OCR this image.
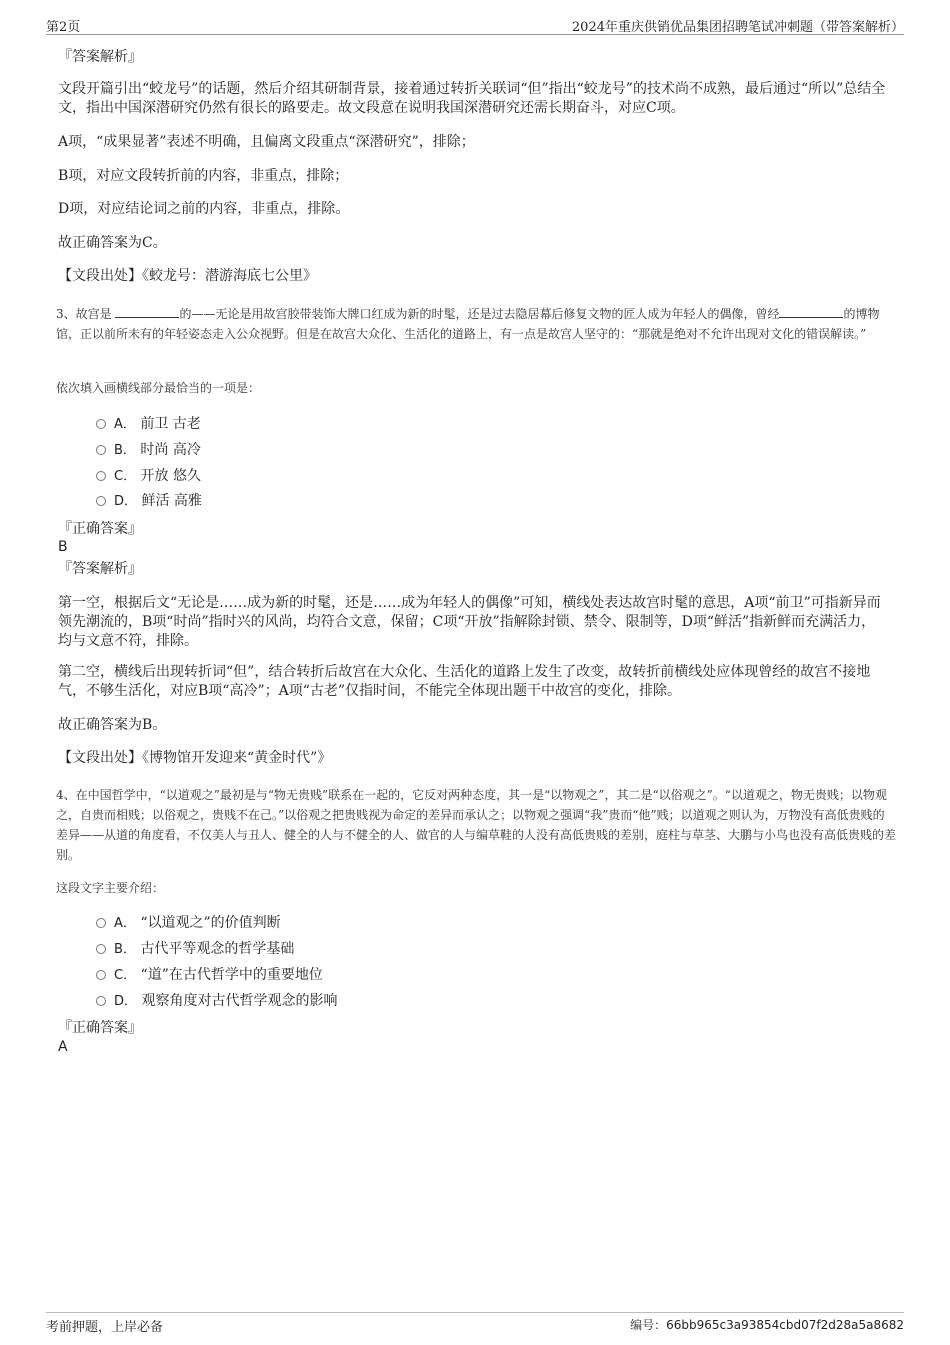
第2页	2024年重庆供销优品集团招聘笔试冲刺题（带答案解析）
『答案解析』
文段开篇引出“蛟龙号”的话题，然后介绍其研制背景，接着通过转折关联词“但”指出“蛟龙号”的技术尚不成熟，最后通过“所以”总结全文，指出中国深潜研究仍然有很长的路要走。故文段意在说明我国深潜研究还需长期奋斗，对应C项。
A项，“成果显著”表述不明确，且偏离文段重点“深潜研究”，排除；
B项，对应文段转折前的内容，非重点，排除；
D项，对应结论词之前的内容，非重点，排除。
故正确答案为C。
【文段出处】《蛟龙号：潜游海底七公里》
3、故宫是	的——无论是用故宫胶带装饰大牌口红成为新的时髦，还是过去隐居幕后修复文物的匠人成为年轻人的偶像，曾经	的博物馆，正以前所未有的年轻姿态走入公众视野。但是在故宫大众化、生活化的道路上，有一点是故宫人坚守的：“那就是绝对不允许出现对文化的错误解读。”
依次填入画横线部分最恰当的一项是：
A． 前卫 古老
B． 时尚 高冷
C． 开放 悠久
D． 鲜活 高雅
『正确答案』
B
『答案解析』
第一空，根据后文“无论是……成为新的时髦，还是……成为年轻人的偶像”可知，横线处表达故宫时髦的意思，A项“前卫”可指新异而领先潮流的，B项“时尚”指时兴的风尚，均符合文意，保留；C项“开放”指解除封锁、禁令、限制等，D项“鲜活”指新鲜而充满活力，均与文意不符，排除。
第二空，横线后出现转折词“但”，结合转折后故宫在大众化、生活化的道路上发生了改变，故转折前横线处应体现曾经的故宫不接地气，不够生活化，对应B项“高冷”；A项“古老”仅指时间，不能完全体现出题干中故宫的变化，排除。
故正确答案为B。
【文段出处】《博物馆开发迎来“黄金时代”》
4、在中国哲学中，“以道观之”最初是与“物无贵贱”联系在一起的，它反对两种态度，其一是“以物观之”，其二是“以俗观之”。“以道观之，物无贵贱；以物观之，自贵而相贱；以俗观之，贵贱不在己。”以俗观之把贵贱视为命定的差异而承认之；以物观之强调“我”贵而“他”贱；以道观之则认为，万物没有高低贵贱的差异——从道的角度看，不仅美人与丑人、健全的人与不健全的人、做官的人与编草鞋的人没有高低贵贱的差别，庭柱与草茎、大鹏与小鸟也没有高低贵贱的差别。
这段文字主要介绍：
A． “以道观之”的价值判断
B． 古代平等观念的哲学基础
C． “道”在古代哲学中的重要地位
D． 观察角度对古代哲学观念的影响
『正确答案』
A
考前押题，上岸必备	编号：66bb965c3a93854cbd07f2d28a5a8682
